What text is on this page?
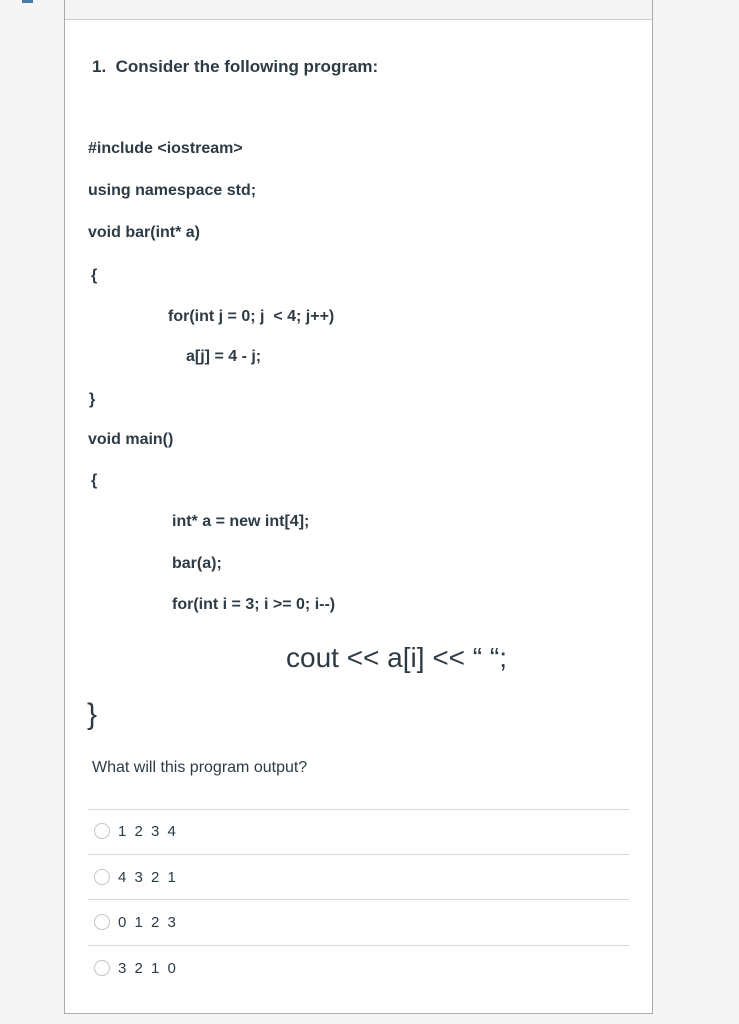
1.  Consider the following program:
#include <iostream>
using namespace std;
void bar(int* a)
{
for(int j = 0; j  < 4; j++)
a[j] = 4 - j;
}
void main()
{
int* a = new int[4];
bar(a);
for(int i = 3; i >= 0; i--)
cout << a[i] << “ “;
}
What will this program output?
1 2 3 4
4 3 2 1
0 1 2 3
3 2 1 0
